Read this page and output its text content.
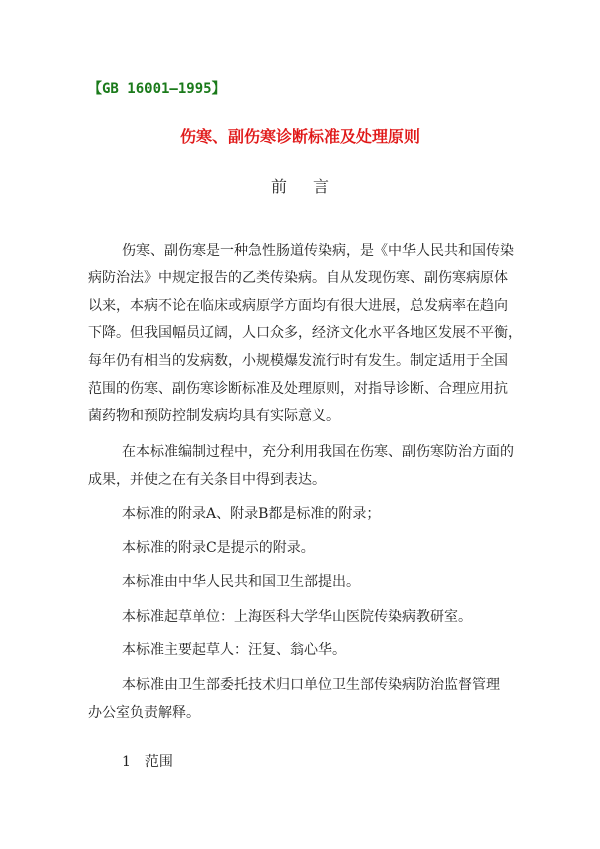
【GB 16001—1995】
伤寒、副伤寒诊断标准及处理原则
前言
伤寒、副伤寒是一种急性肠道传染病，是《中华人民共和国传染
病防治法》中规定报告的乙类传染病。自从发现伤寒、副伤寒病原体
以来，本病不论在临床或病原学方面均有很大进展，总发病率在趋向
下降。但我国幅员辽阔，人口众多，经济文化水平各地区发展不平衡，
每年仍有相当的发病数，小规模爆发流行时有发生。制定适用于全国
范围的伤寒、副伤寒诊断标准及处理原则，对指导诊断、合理应用抗
菌药物和预防控制发病均具有实际意义。
在本标准编制过程中，充分利用我国在伤寒、副伤寒防治方面的
成果，并使之在有关条目中得到表达。
本标准的附录A、附录B都是标准的附录；
本标准的附录C是提示的附录。
本标准由中华人民共和国卫生部提出。
本标准起草单位：上海医科大学华山医院传染病教研室。
本标准主要起草人：汪复、翁心华。
本标准由卫生部委托技术归口单位卫生部传染病防治监督管理
办公室负责解释。
1　范围
